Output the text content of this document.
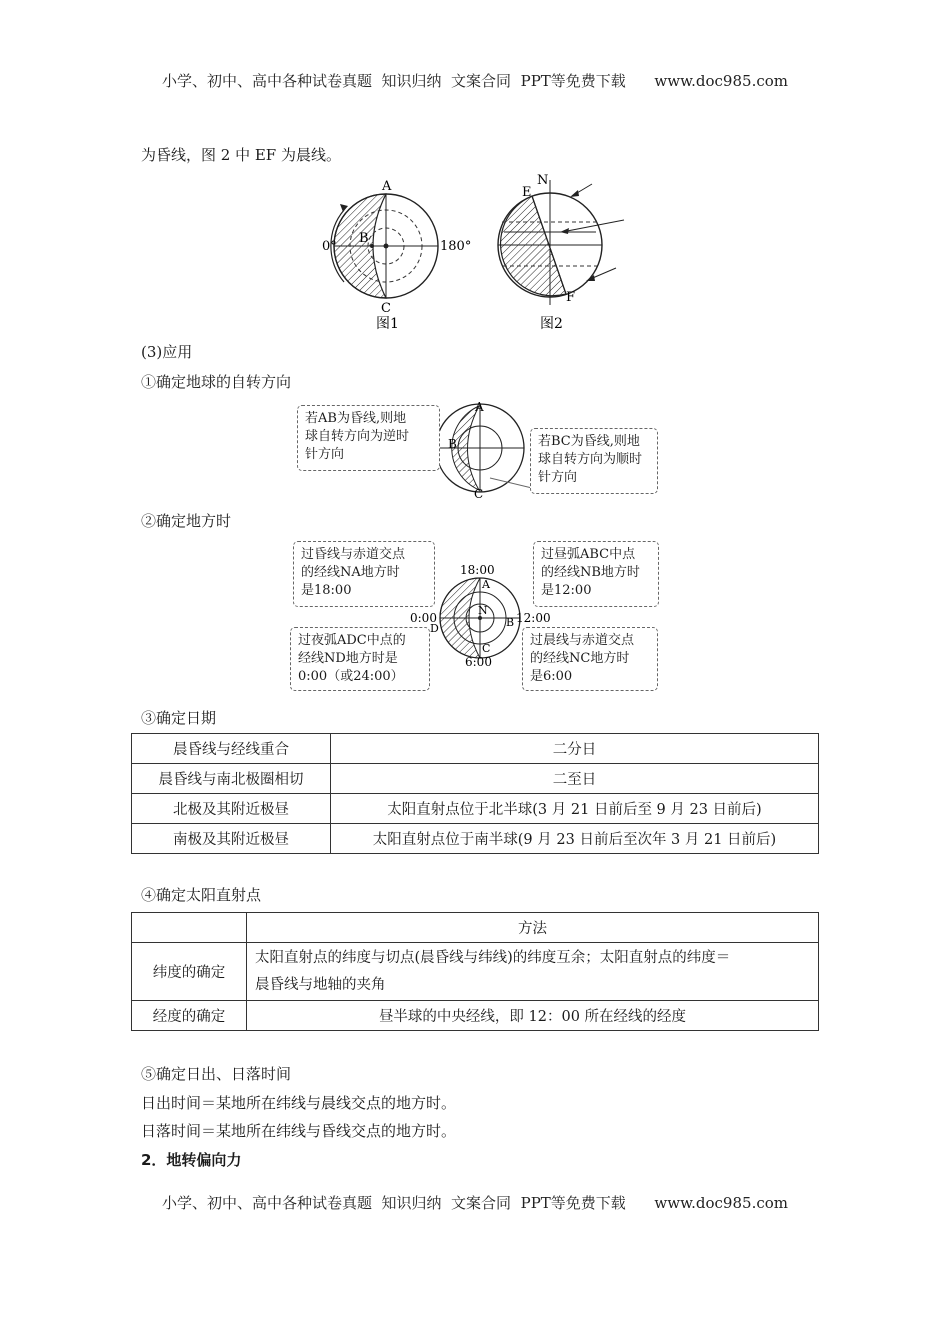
小学、初中、高中各种试卷真题  知识归纳  文案合同  PPT等免费下载      www.doc985.com
为昏线，图 2 中 EF 为晨线。
A
B
C
0°	180°
图1
E
N
F
图2
(3)应用
①确定地球的自转方向
A
B
C
若AB为昏线,则地
球自转方向为逆时
针方向
若BC为昏线,则地
球自转方向为顺时
针方向
②确定地方时
18:00
12:00
0:00
6:00
A
B
C
D
N
过昏线与赤道交点
的经线NA地方时
是18:00
过昼弧ABC中点
的经线NB地方时
是12:00
过夜弧ADC中点的
经线ND地方时是
0:00（或24:00）
过晨线与赤道交点
的经线NC地方时
是6:00
③确定日期
晨昏线与经线重合	二分日
晨昏线与南北极圈相切	二至日
北极及其附近极昼	太阳直射点位于北半球(3 月 21 日前后至 9 月 23 日前后)
南极及其附近极昼	太阳直射点位于南半球(9 月 23 日前后至次年 3 月 21 日前后)
④确定太阳直射点
	方法
纬度的确定	太阳直射点的纬度与切点(晨昏线与纬线)的纬度互余；太阳直射点的纬度＝
晨昏线与地轴的夹角

经度的确定	昼半球的中央经线，即 12：00 所在经线的经度
⑤确定日出、日落时间
日出时间＝某地所在纬线与晨线交点的地方时。
日落时间＝某地所在纬线与昏线交点的地方时。
2．地转偏向力
小学、初中、高中各种试卷真题  知识归纳  文案合同  PPT等免费下载      www.doc985.com
